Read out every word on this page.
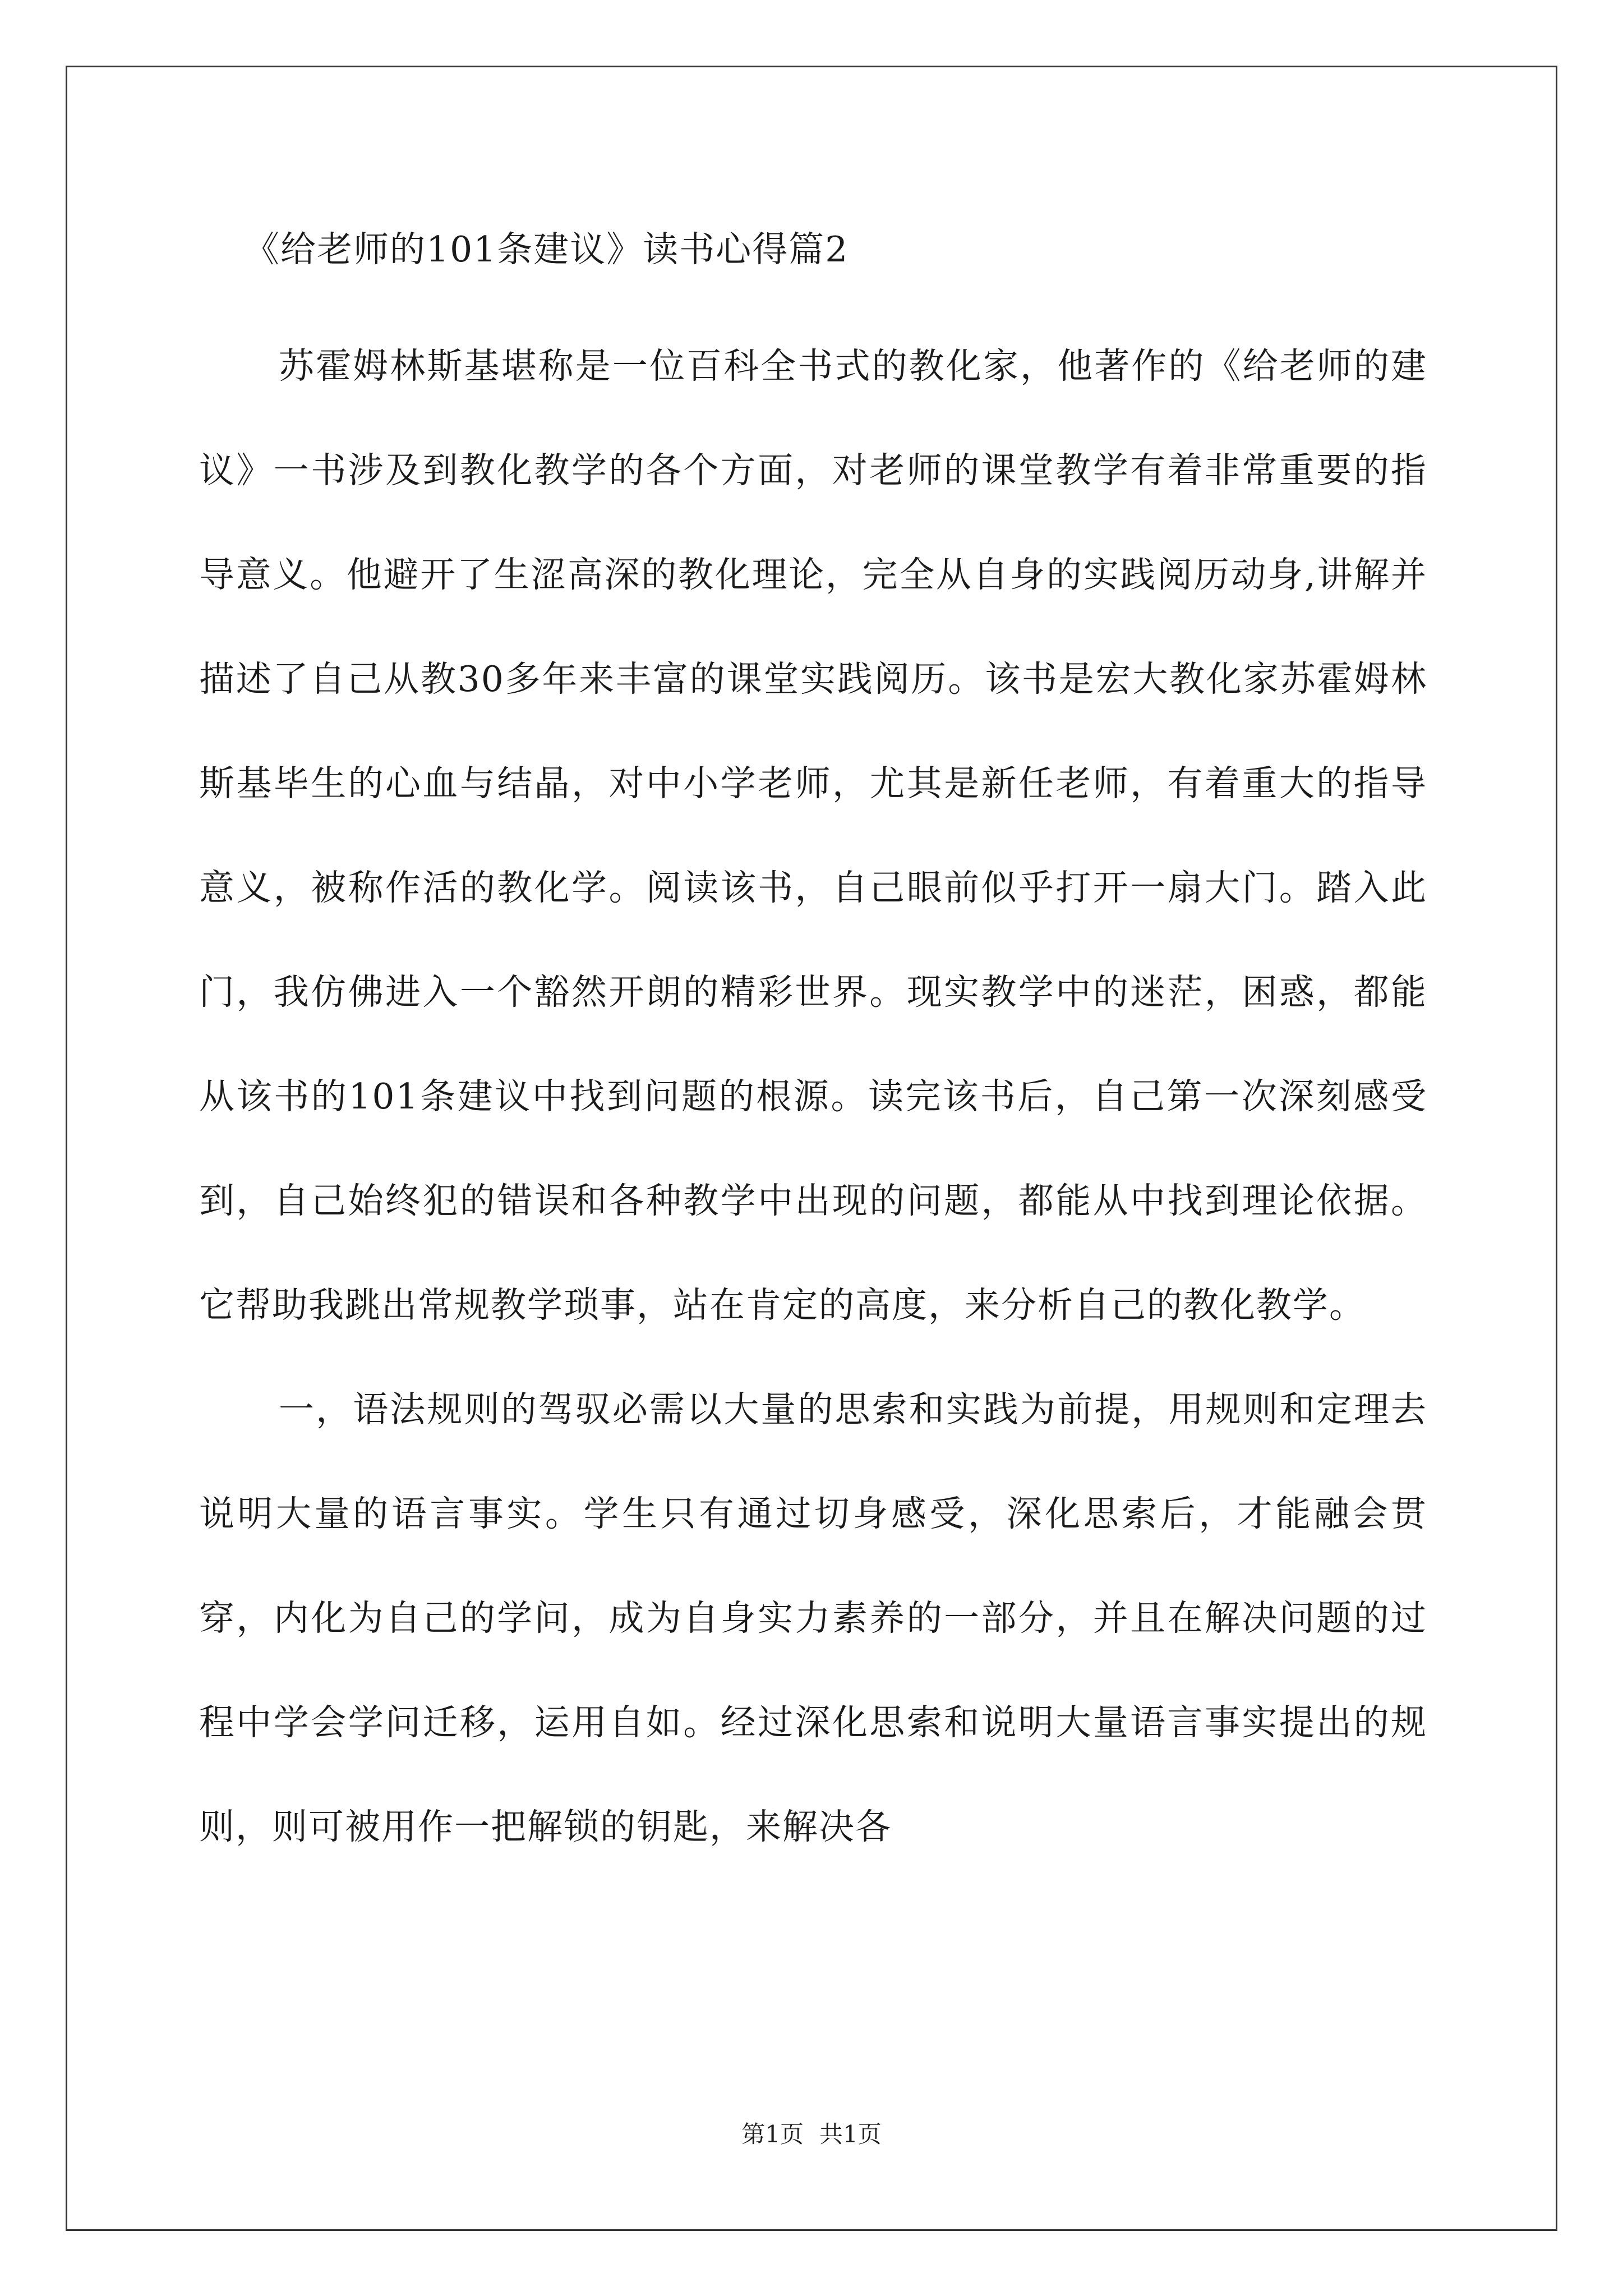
《给老师的101条建议》读书心得篇2

苏霍姆林斯基堪称是一位百科全书式的教化家，他著作的《给老师的建议》一书涉及到教化教学的各个方面，对老师的课堂教学有着非常重要的指导意义。他避开了生涩高深的教化理论，完全从自身的实践阅历动身,讲解并描述了自己从教30多年来丰富的课堂实践阅历。该书是宏大教化家苏霍姆林斯基毕生的心血与结晶，对中小学老师，尤其是新任老师，有着重大的指导意义，被称作活的教化学。阅读该书，自己眼前似乎打开一扇大门。踏入此门，我仿佛进入一个豁然开朗的精彩世界。现实教学中的迷茫，困惑，都能从该书的101条建议中找到问题的根源。读完该书后，自己第一次深刻感受到，自己始终犯的错误和各种教学中出现的问题，都能从中找到理论依据。它帮助我跳出常规教学琐事，站在肯定的高度，来分析自己的教化教学。

一，语法规则的驾驭必需以大量的思索和实践为前提，用规则和定理去说明大量的语言事实。学生只有通过切身感受，深化思索后，才能融会贯穿，内化为自己的学问，成为自身实力素养的一部分，并且在解决问题的过程中学会学问迁移，运用自如。经过深化思索和说明大量语言事实提出的规则，则可被用作一把解锁的钥匙，来解决各

第1页 共1页
